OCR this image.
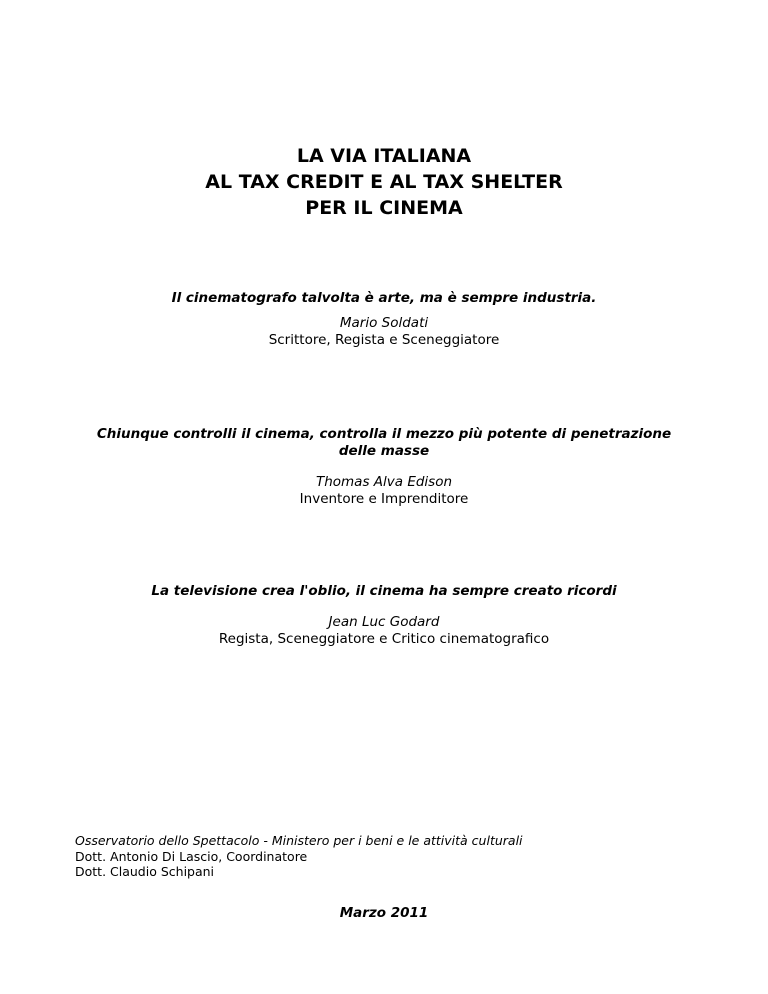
LA VIA ITALIANA
AL TAX CREDIT E AL TAX SHELTER
PER IL CINEMA
Il cinematografo talvolta è arte, ma è sempre industria.
Mario Soldati
Scrittore, Regista e Sceneggiatore
Chiunque controlli il cinema, controlla il mezzo più potente di penetrazione
delle masse
Thomas Alva Edison
Inventore e Imprenditore
La televisione crea l'oblio, il cinema ha sempre creato ricordi
Jean Luc Godard
Regista, Sceneggiatore e Critico cinematografico
Osservatorio dello Spettacolo - Ministero per i beni e le attività culturali
Dott. Antonio Di Lascio, Coordinatore
Dott. Claudio Schipani
Marzo 2011
